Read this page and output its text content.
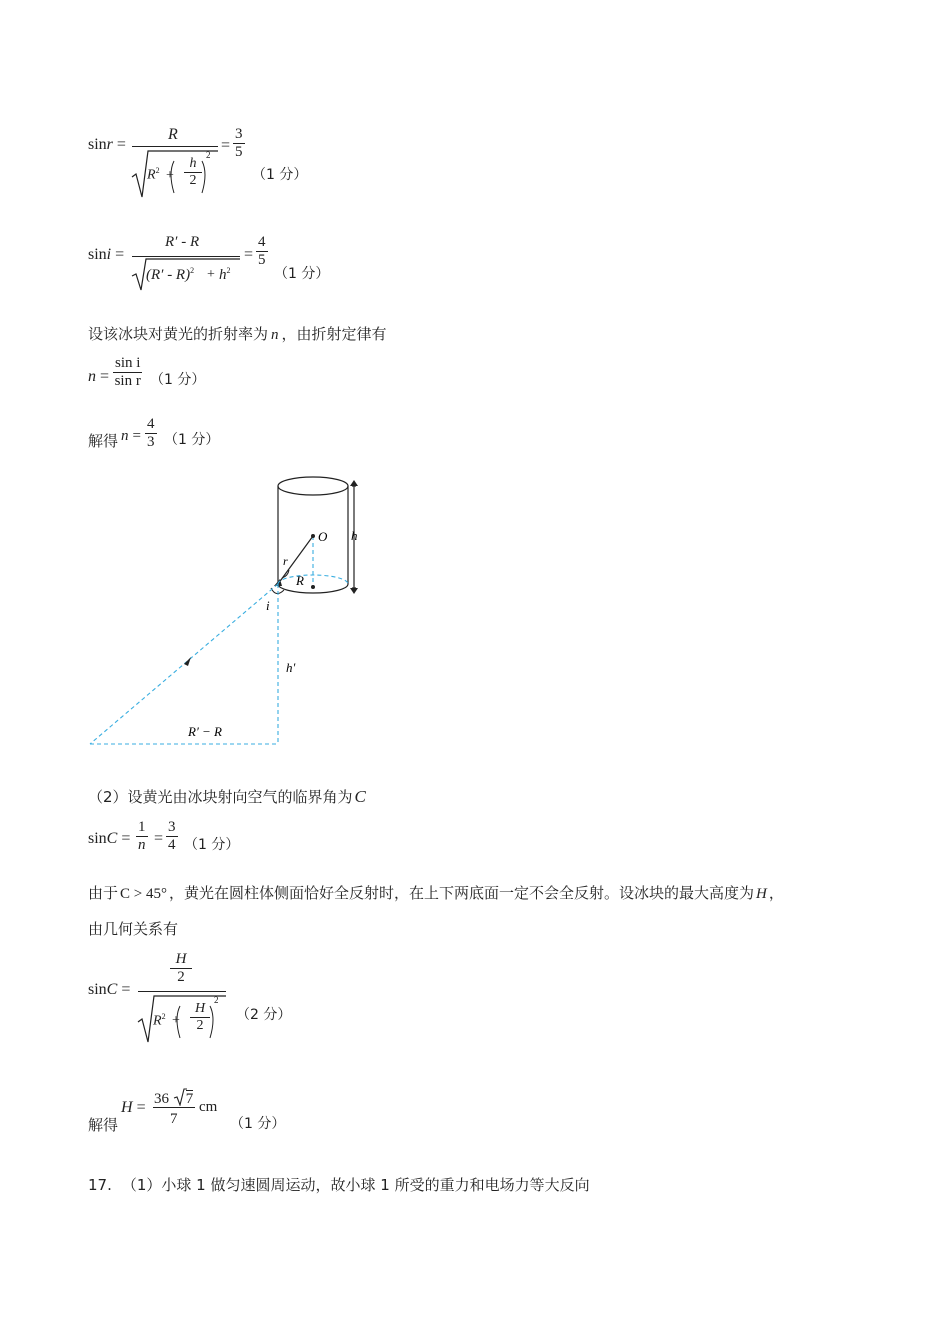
sinr =
R
$R^2 + \frac{h}{2}$
2
= $\frac{3}{5}$
（1 分）
sini =
R′ - R
$(R' - R)^2 + h^2$
= $\frac{4}{5}$
（1 分）
设该冰块对黄光的折射率为 n ，由折射定律有
$n = \frac{\text{sin i}}{\text{sin r}} (1$ 分）
解得 $n = \frac{4}{3} (1$ 分）
O h
r
R
i
h′
R′ − R
（2）设黄光由冰块射向空气的临界角为 C
$\sin C = \frac{1}{n} = \frac{3}{4} (1$ 分）
由于 C > 45° ，黄光在圆柱体侧面恰好全反射时，在上下两底面一定不会全反射。设冰块的最大高度为 H ，
由几何关系有
sinC =
$\frac{H}{2}$
$R^2 + \frac{H}{2}$
2
（2 分）
解得
H = 36 7
7
cm
（1 分）
17. （1）小球 1 做匀速圆周运动，故小球 1 所受的重力和电场力等大反向
